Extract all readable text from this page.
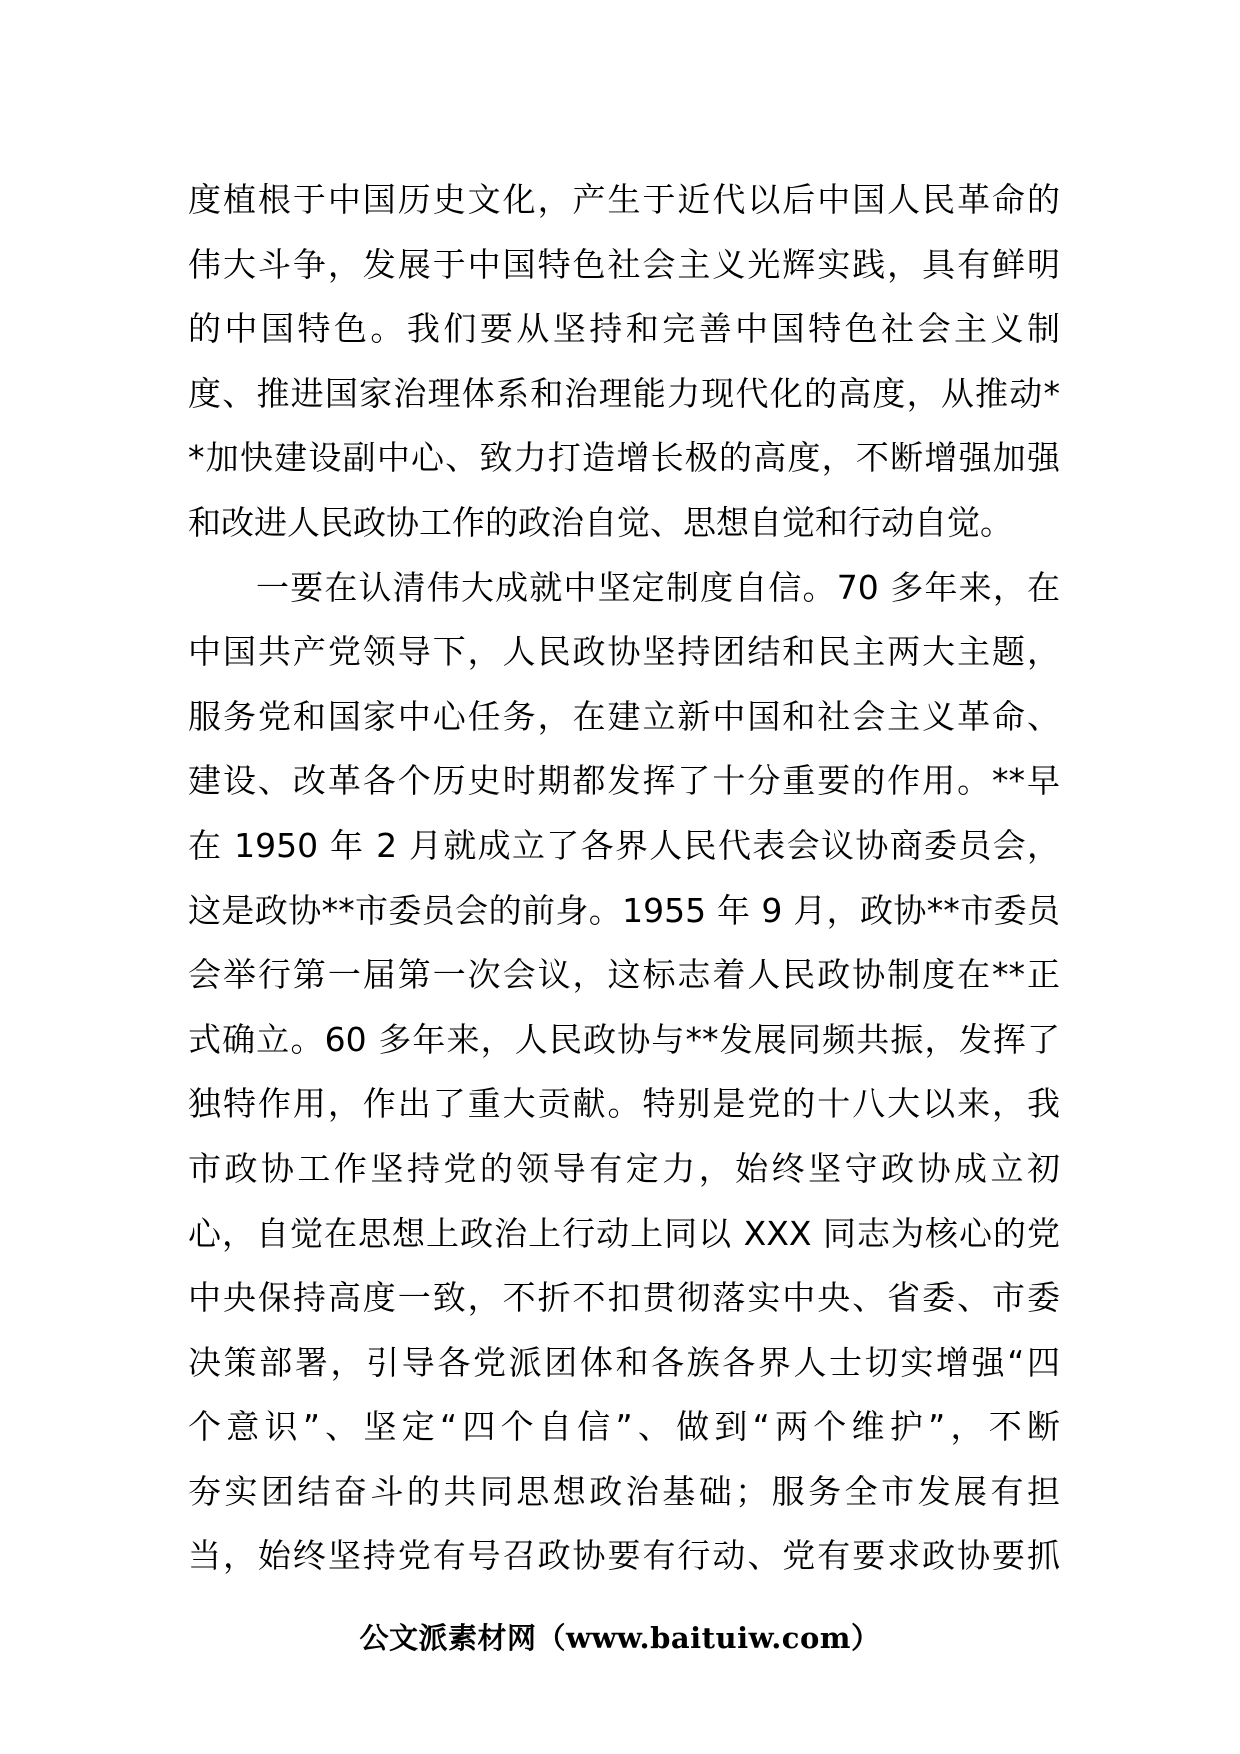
度植根于中国历史文化，产生于近代以后中国人民革命的
伟大斗争，发展于中国特色社会主义光辉实践，具有鲜明
的中国特色。我们要从坚持和完善中国特色社会主义制
度、推进国家治理体系和治理能力现代化的高度，从推动*
*加快建设副中心、致力打造增长极的高度，不断增强加强
和改进人民政协工作的政治自觉、思想自觉和行动自觉。
一要在认清伟大成就中坚定制度自信。70 多年来，在
中国共产党领导下，人民政协坚持团结和民主两大主题，
服务党和国家中心任务，在建立新中国和社会主义革命、
建设、改革各个历史时期都发挥了十分重要的作用。**早
在 1950 年 2 月就成立了各界人民代表会议协商委员会，
这是政协**市委员会的前身。1955 年 9 月，政协**市委员
会举行第一届第一次会议，这标志着人民政协制度在**正
式确立。60 多年来，人民政协与**发展同频共振，发挥了
独特作用，作出了重大贡献。特别是党的十八大以来，我
市政协工作坚持党的领导有定力，始终坚守政协成立初
心，自觉在思想上政治上行动上同以 XXX 同志为核心的党
中央保持高度一致，不折不扣贯彻落实中央、省委、市委
决策部署，引导各党派团体和各族各界人士切实增强“四
个意识”、坚定“四个自信”、做到“两个维护”，不断
夯实团结奋斗的共同思想政治基础；服务全市发展有担
当，始终坚持党有号召政协要有行动、党有要求政协要抓
公文派素材网（www.baituiw.com）
